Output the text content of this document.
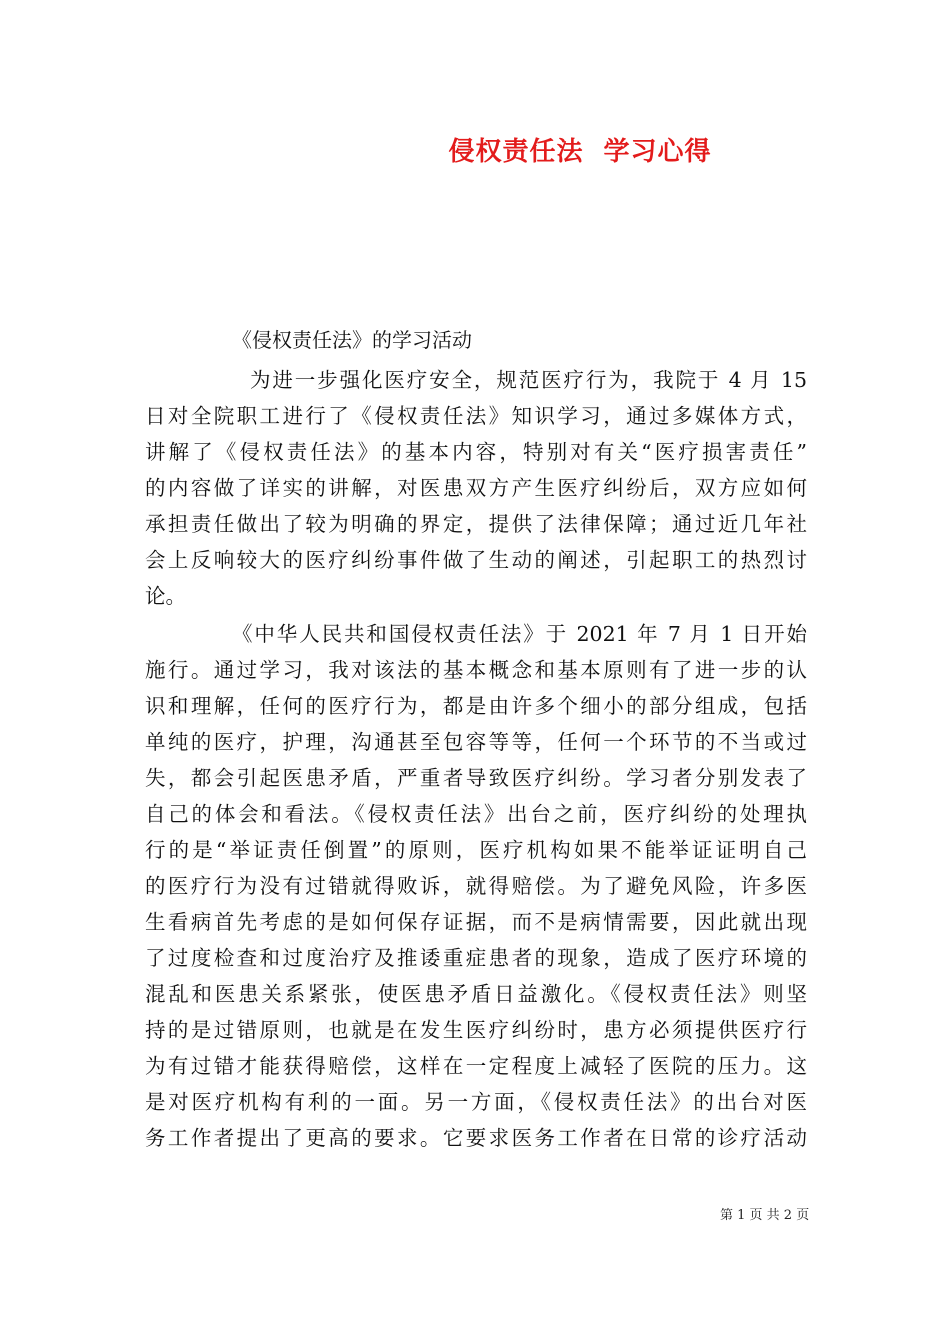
侵权责任法  学习心得
《侵权责任法》的学习活动
为进一步强化医疗安全，规范医疗行为，我院于 4 月 15
日对全院职工进行了《侵权责任法》知识学习，通过多媒体方式，
讲解了《侵权责任法》的基本内容，特别对有关“医疗损害责任”
的内容做了详实的讲解，对医患双方产生医疗纠纷后，双方应如何
承担责任做出了较为明确的界定，提供了法律保障；通过近几年社
会上反响较大的医疗纠纷事件做了生动的阐述，引起职工的热烈讨
论。
《中华人民共和国侵权责任法》于 2021 年 7 月 1 日开始
施行。通过学习，我对该法的基本概念和基本原则有了进一步的认
识和理解，任何的医疗行为，都是由许多个细小的部分组成，包括
单纯的医疗，护理，沟通甚至包容等等，任何一个环节的不当或过
失，都会引起医患矛盾，严重者导致医疗纠纷。学习者分别发表了
自己的体会和看法。《侵权责任法》出台之前，医疗纠纷的处理执
行的是“举证责任倒置”的原则，医疗机构如果不能举证证明自己
的医疗行为没有过错就得败诉，就得赔偿。为了避免风险，许多医
生看病首先考虑的是如何保存证据，而不是病情需要，因此就出现
了过度检查和过度治疗及推诿重症患者的现象，造成了医疗环境的
混乱和医患关系紧张，使医患矛盾日益激化。《侵权责任法》则坚
持的是过错原则，也就是在发生医疗纠纷时，患方必须提供医疗行
为有过错才能获得赔偿，这样在一定程度上减轻了医院的压力。这
是对医疗机构有利的一面。另一方面，《侵权责任法》的出台对医
务工作者提出了更高的要求。它要求医务工作者在日常的诊疗活动
第 1 页 共 2 页
